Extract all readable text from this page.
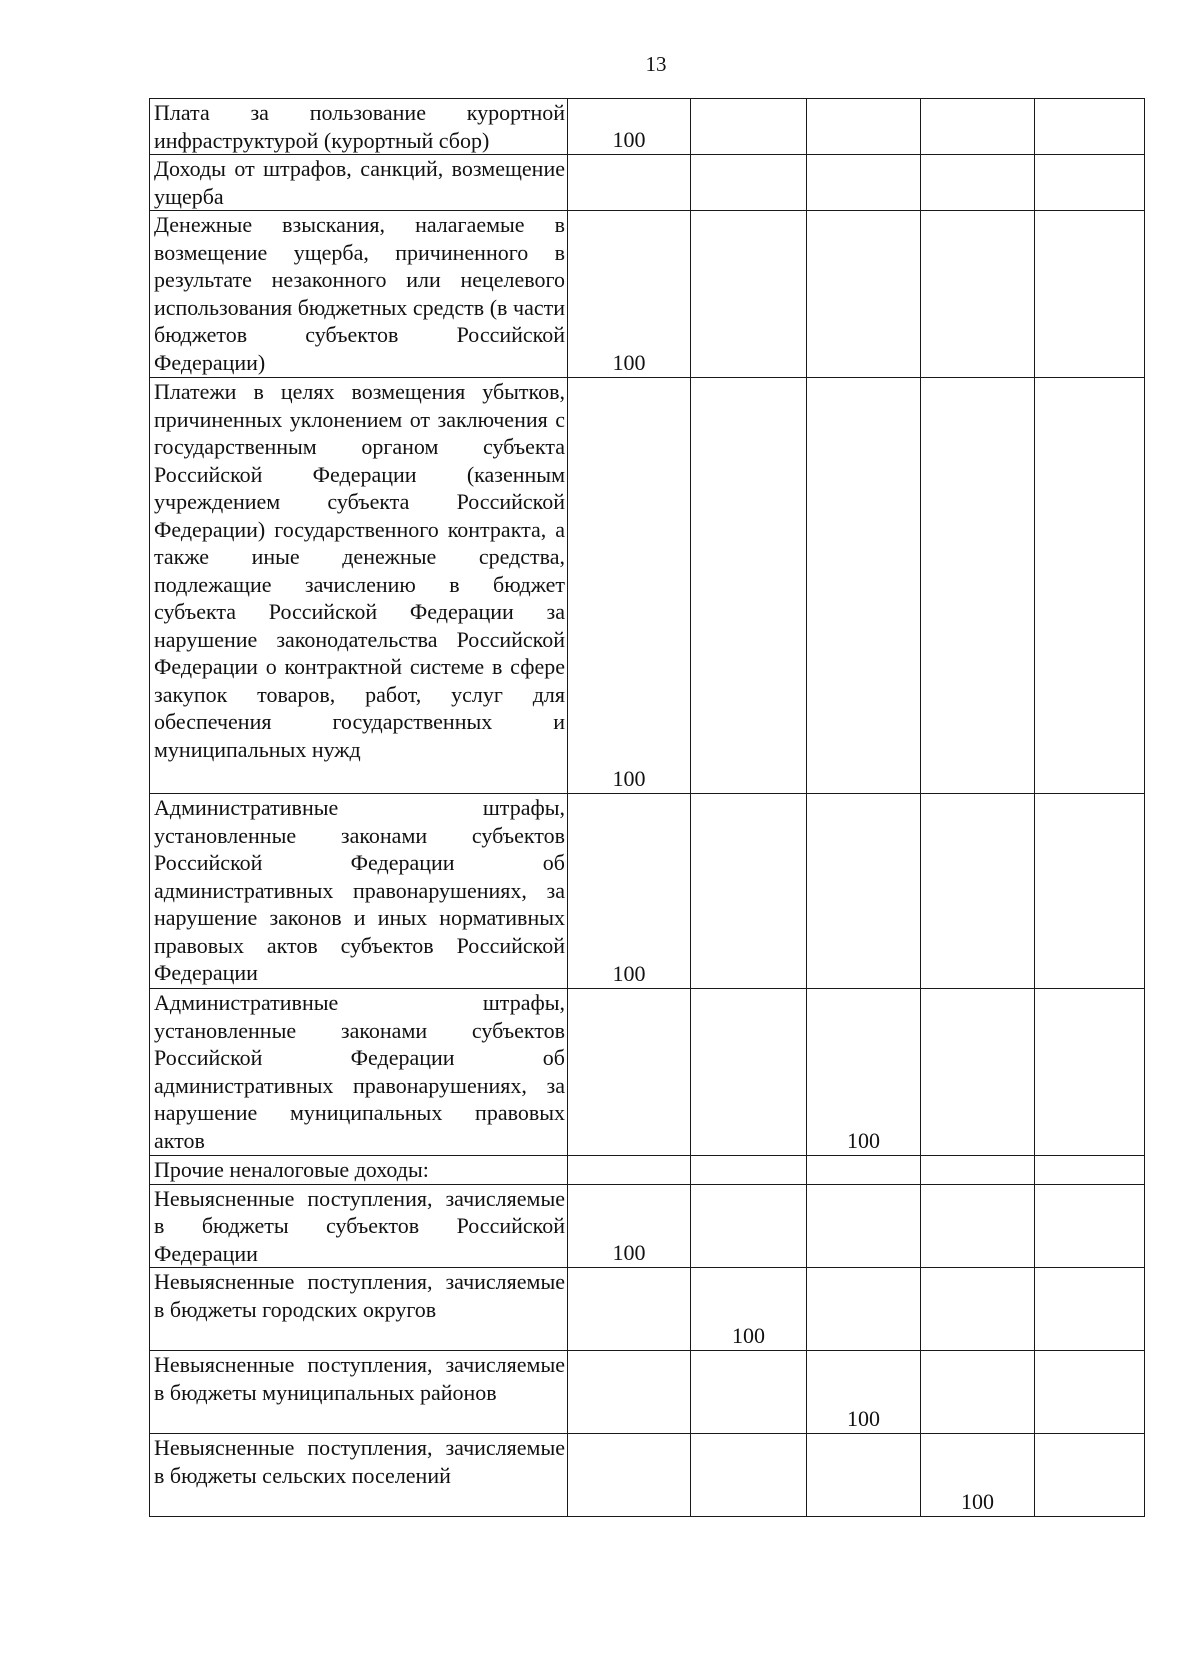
13
Плата за пользование курортной инфраструктурой (курортный сбор)	100				

Доходы от штрафов, санкций, возмещение ущерба	

Денежные взыскания, налагаемые в возмещение ущерба, причиненного в результате незаконного или нецелевого использования бюджетных средств (в части бюджетов субъектов Российской Федерации)	100				

Платежи в целях возмещения убытков, причиненных уклонением от заключения с государственным органом субъекта Российской Федерации (казенным учреждением субъекта Российской Федерации) государственного контракта, а также иные денежные средства, подлежащие зачислению в бюджет субъекта Российской Федерации за нарушение законодательства Российской Федерации о контрактной системе в сфере закупок товаров, работ, услуг для обеспечения государственных и муниципальных нужд	100				

Административные штрафы, установленные законами субъектов Российской Федерации об административных правонарушениях, за нарушение законов и иных нормативных правовых актов субъектов Российской Федерации	100				

Административные штрафы, установленные законами субъектов Российской Федерации об административных правонарушениях, за нарушение муниципальных правовых актов			100		

Прочие неналоговые доходы:	

Невыясненные поступления, зачисляемые в бюджеты субъектов Российской Федерации	100				

Невыясненные поступления, зачисляемые в бюджеты городских округов		100			

Невыясненные поступления, зачисляемые в бюджеты муниципальных районов			100		

Невыясненные поступления, зачисляемые в бюджеты сельских поселений				100	
